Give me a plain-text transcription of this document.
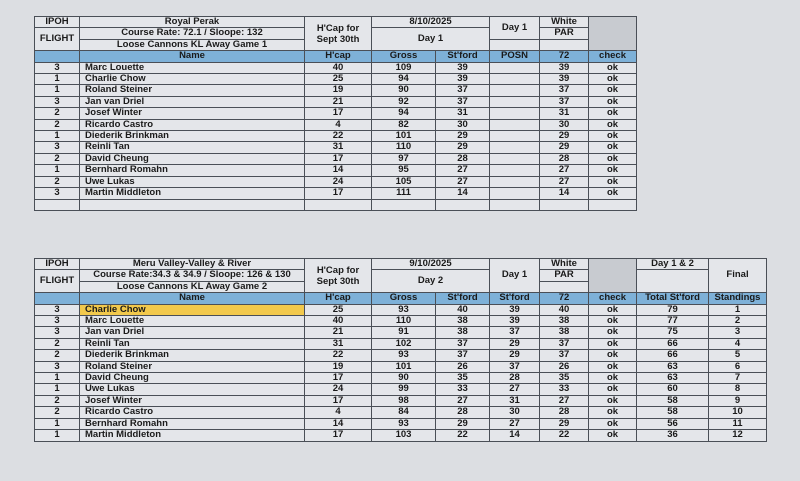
IPOH	Royal Perak	H'Cap for Sept 30th	8/10/2025		Day 1	White	
FLIGHT	Course Rate: 72.1 / Sloope: 132		Day 1			PAR	
	Loose Cannons KL Away Game 1						
	Name	H'cap	Gross	St'ford	POSN	72	check
3	Marc Louette	40	109	39		39	ok
1	Charlie Chow	25	94	39		39	ok
1	Roland Steiner	19	90	37		37	ok
3	Jan van Driel	21	92	37		37	ok
2	Josef Winter	17	94	31		31	ok
2	Ricardo Castro	4	82	30		30	ok
1	Diederik Brinkman	22	101	29		29	ok
3	Reinli Tan	31	110	29		29	ok
2	David Cheung	17	97	28		28	ok
1	Bernhard Romahn	14	95	27		27	ok
2	Uwe Lukas	24	105	27		27	ok
3	Martin Middleton	17	111	14		14	ok

IPOH	Meru Valley-Valley & River	H'Cap for Sept 30th	9/10/2025		Day 1	White		Day 1 & 2	Final
FLIGHT	Course Rate:34.3 & 34.9 / Sloope: 126 & 130		Day 2			PAR			
	Loose Cannons KL Away Game 2								
	Name	H'cap	Gross	St'ford	St'ford	72	check	Total St'ford	Standings
3	Charlie Chow	25	93	40	39	40	ok	79	1
3	Marc Louette	40	110	38	39	38	ok	77	2
3	Jan van Driel	21	91	38	37	38	ok	75	3
2	Reinli Tan	31	102	37	29	37	ok	66	4
2	Diederik Brinkman	22	93	37	29	37	ok	66	5
3	Roland Steiner	19	101	26	37	26	ok	63	6
1	David Cheung	17	90	35	28	35	ok	63	7
1	Uwe Lukas	24	99	33	27	33	ok	60	8
2	Josef Winter	17	98	27	31	27	ok	58	9
2	Ricardo Castro	4	84	28	30	28	ok	58	10
1	Bernhard Romahn	14	93	29	27	29	ok	56	11
1	Martin Middleton	17	103	22	14	22	ok	36	12
